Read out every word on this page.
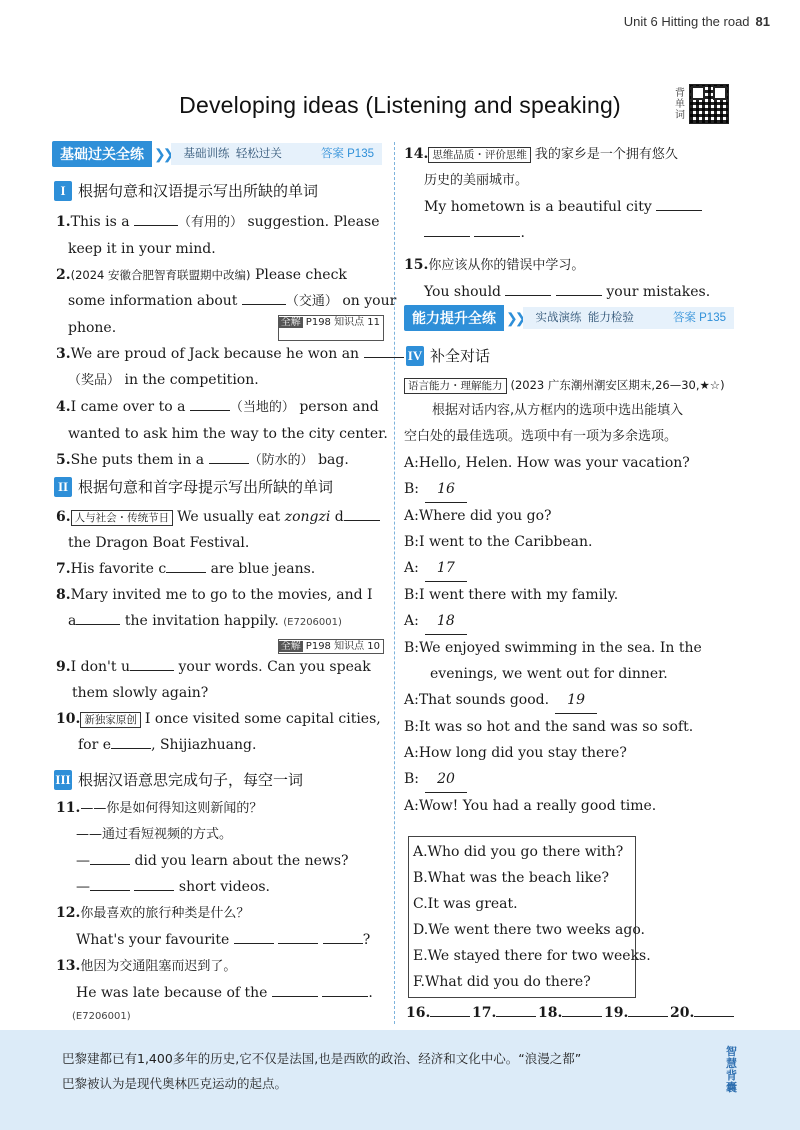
Unit 6 Hitting the road 81
Developing ideas (Listening and speaking)	背单词
基础过关全练 ❯❯ 基础训练
轻松过关	答案 P135
I 根据句意和汉语提示写出所缺的单词
1.This is a	（有用的） suggestion. Please
keep it in your mind.
2.(2024 安徽合肥智育联盟期中改编) Please check
some information about	（交通） on your
phone.	全解 P198 知识点 11
3.We are proud of Jack because he won an
（奖品） in the competition.
4.I came over to a	（当地的） person and
wanted to ask him the way to the city center.
5.She puts them in a	（防水的） bag.
II 根据句意和首字母提示写出所缺的单词
6. 人与社会・传统节日 We usually eat zongzi d
the Dragon Boat Festival.
7.His favorite c	are blue jeans.
8.Mary invited me to go to the movies, and I
a	the invitation happily. (E7206001)
全解 P198 知识点 10
9.I don't u	your words. Can you speak
them slowly again?
10. 新独家原创 I once visited some capital cities,
for e	, Shijiazhuang.
III 根据汉语意思完成句子，每空一词
11.——你是如何得知这则新闻的？
——通过看短视频的方式。
—	did you learn about the news?
—	short videos.
12.你最喜欢的旅行种类是什么？
What's your favourite	?
13.他因为交通阻塞而迟到了。
He was late because of the	.
(E7206001)
14. 思维品质・评价思维 我的家乡是一个拥有悠久
历史的美丽城市。
My hometown is a beautiful city
.
15.你应该从你的错误中学习。
You should	your mistakes.
能力提升全练 ❯❯ 实战演练
能力检验	答案 P135
IV 补全对话
语言能力・理解能力 (2023 广东潮州潮安区期末,26—30,★☆)
根据对话内容,从方框内的选项中选出能填入
空白处的最佳选项。选项中有一项为多余选项。
A:Hello, Helen. How was your vacation?
B: 16
A:Where did you go?
B:I went to the Caribbean.
A: 17
B:I went there with my family.
A: 18
B:We enjoyed swimming in the sea. In the
evenings, we went out for dinner.
A:That sounds good. 19
B:It was so hot and the sand was so soft.
A:How long did you stay there?
B: 20
A:Wow! You had a really good time.
A.Who did you go there with?
B.What was the beach like?
C.It was great.
D.We went there two weeks ago.
E.We stayed there for two weeks.
F.What did you do there?
16.	17.	18.	19.	20.
巴黎建都已有1,400多年的历史,它不仅是法国,也是西欧的政治、经济和文化中心。“浪漫之都”
巴黎被认为是现代奥林匹克运动的起点。
智慧背囊
